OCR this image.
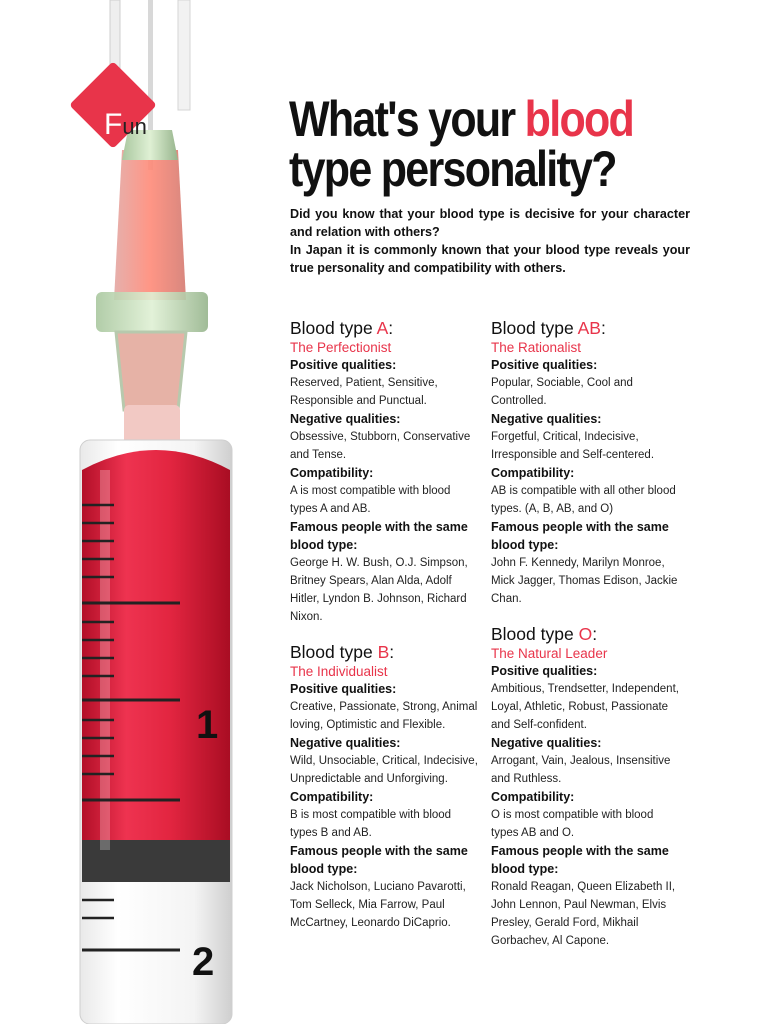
1
2
Fun	What's your blood
type personality?

Did you know that your blood type is decisive for your character and relation with others?

In Japan it is commonly known that your blood type reveals your true personality and compatibility with others.

Blood type A:
The Perfectionist
Positive qualities:
Reserved, Patient, Sensitive, Responsible and Punctual.
Negative qualities:
Obsessive, Stubborn, Conservative and Tense.
Compatibility:
A is most compatible with blood types A and AB.
Famous people with the same blood type:
George H. W. Bush, O.J. Simpson, Britney Spears, Alan Alda, Adolf Hitler, Lyndon B. Johnson, Richard Nixon.
Blood type B:
The Individualist
Positive qualities:
Creative, Passionate, Strong, Animal loving, Optimistic and Flexible.
Negative qualities:
Wild, Unsociable, Critical, Indecisive, Unpredictable and Unforgiving.
Compatibility:
B is most compatible with blood types B and AB.
Famous people with the same blood type:
Jack Nicholson, Luciano Pavarotti, Tom Selleck, Mia Farrow, Paul McCartney, Leonardo DiCaprio.
Blood type AB:
The Rationalist
Positive qualities:
Popular, Sociable, Cool and Controlled.
Negative qualities:
Forgetful, Critical, Indecisive, Irresponsible and Self-centered.
Compatibility:
AB is compatible with all other blood types. (A, B, AB, and O)
Famous people with the same blood type:
John F. Kennedy, Marilyn Monroe, Mick Jagger, Thomas Edison, Jackie Chan.
Blood type O:
The Natural Leader
Positive qualities:
Ambitious, Trendsetter, Independent, Loyal, Athletic, Robust, Passionate and Self-confident.
Negative qualities:
Arrogant, Vain, Jealous, Insensitive and Ruthless.
Compatibility:
O is most compatible with blood types AB and O.
Famous people with the same blood type:
Ronald Reagan, Queen Elizabeth II, John Lennon, Paul Newman, Elvis Presley, Gerald Ford, Mikhail Gorbachev, Al Capone.
